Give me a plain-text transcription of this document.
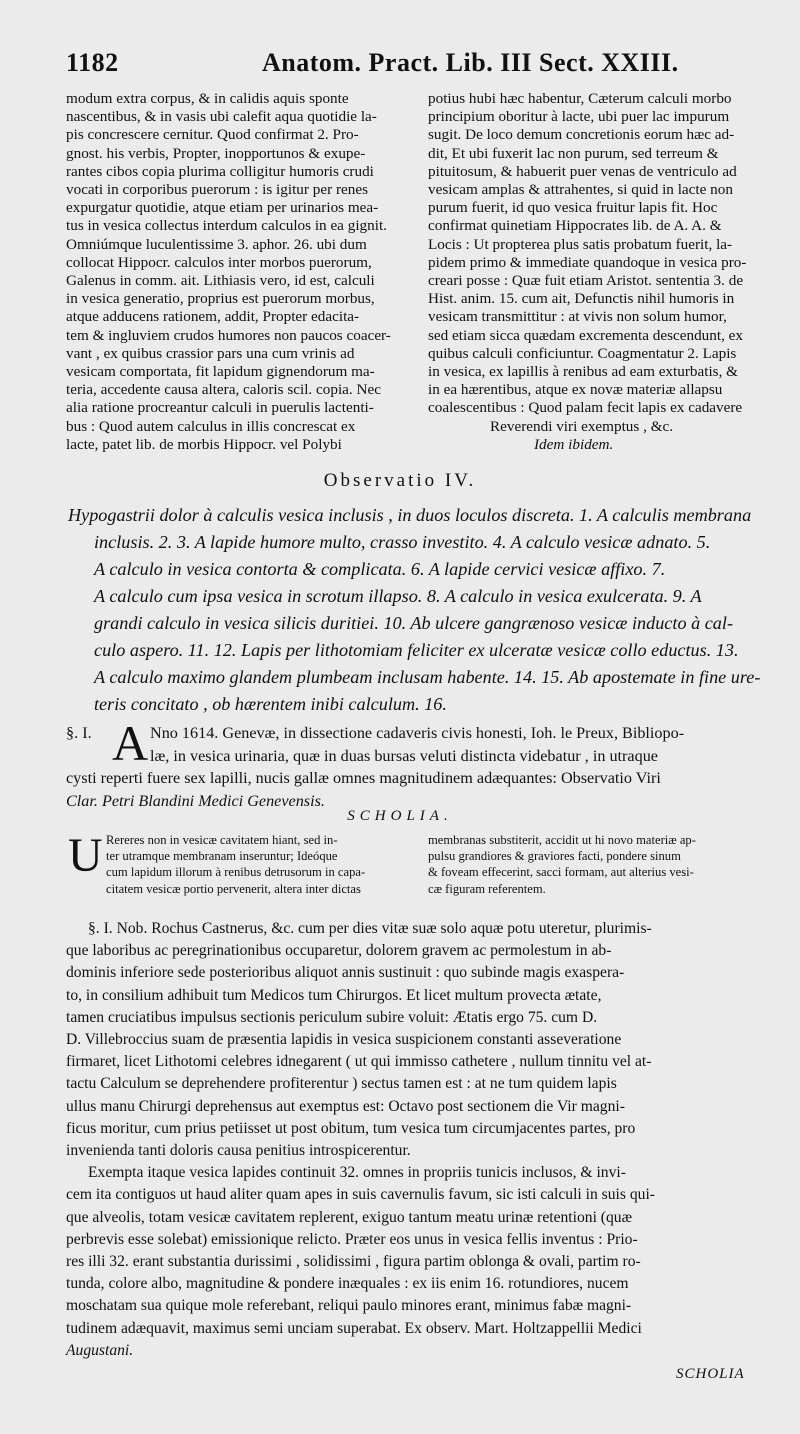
1182	Anatom. Pract. Lib. III Sect. XXIII.
modum extra corpus, & in calidis aquis sponte
nascentibus, & in vasis ubi calefit aqua quotidie la-
pis concrescere cernitur. Quod confirmat 2. Pro-
gnost. his verbis, Propter, inopportunos & exupe-
rantes cibos copia plurima colligitur humoris crudi
vocati in corporibus puerorum : is igitur per renes
expurgatur quotidie, atque etiam per urinarios mea-
tus in vesica collectus interdum calculos in ea gignit.
Omniúmque luculentissime 3. aphor. 26. ubi dum
collocat Hippocr. calculos inter morbos puerorum,
Galenus in comm. ait. Lithiasis vero, id est, calculi
in vesica generatio, proprius est puerorum morbus,
atque adducens rationem, addit, Propter edacita-
tem & ingluviem crudos humores non paucos coacer-
vant , ex quibus crassior pars una cum vrinis ad
vesicam comportata, fit lapidum gignendorum ma-
teria, accedente causa altera, caloris scil. copia. Nec
alia ratione procreantur calculi in puerulis lactenti-
bus : Quod autem calculus in illis concrescat ex
lacte, patet lib. de morbis Hippocr. vel Polybi
potius hubi hæc habentur, Cæterum calculi morbo
principium oboritur à lacte, ubi puer lac impurum
sugit. De loco demum concretionis eorum hæc ad-
dit, Et ubi fuxerit lac non purum, sed terreum &
pituitosum, & habuerit puer venas de ventriculo ad
vesicam amplas & attrahentes, si quid in lacte non
purum fuerit, id quo vesica fruitur lapis fit. Hoc
confirmat quinetiam Hippocrates lib. de A. A. &
Locis : Ut propterea plus satis probatum fuerit, la-
pidem primo & immediate quandoque in vesica pro-
creari posse : Quæ fuit etiam Aristot. sententia 3. de
Hist. anim. 15. cum ait, Defunctis nihil humoris in
vesicam transmittitur : at vivis non solum humor,
sed etiam sicca quædam excrementa descendunt, ex
quibus calculi conficiuntur. Coagmentatur 2. Lapis
in vesica, ex lapillis à renibus ad eam exturbatis, &
in ea hærentibus, atque ex novæ materiæ allapsu
coalescentibus : Quod palam fecit lapis ex cadavere
Reverendi viri exemptus , &c.
Idem ibidem.
Observatio IV.
Hypogastrii dolor à calculis vesica inclusis , in duos loculos discreta. 1. A calculis membrana
inclusis. 2. 3. A lapide humore multo, crasso investito. 4. A calculo vesicæ adnato. 5.
A calculo in vesica contorta & complicata. 6. A lapide cervici vesicæ affixo. 7.
A calculo cum ipsa vesica in scrotum illapso. 8. A calculo in vesica exulcerata. 9. A
grandi calculo in vesica silicis duritiei. 10. Ab ulcere gangrænoso vesicæ inducto à cal-
culo aspero. 11. 12. Lapis per lithotomiam feliciter ex ulceratæ vesicæ collo eductus. 13.
A calculo maximo glandem plumbeam inclusam habente. 14. 15. Ab apostemate in fine ure-
teris concitato , ob hærentem inibi calculum. 16.
§. I. A Nno 1614. Genevæ, in dissectione cadaveris civis honesti, Ioh. le Preux, Bibliopo-
læ, in vesica urinaria, quæ in duas bursas veluti distincta videbatur , in utraque
cysti reperti fuere sex lapilli, nucis gallæ omnes magnitudinem adæquantes: Observatio Viri
Clar. Petri Blandini Medici Genevensis.
SCHOLIA.
U Rereres non in vesicæ cavitatem hiant, sed in-
ter utramque membranam inseruntur; Ideóque
cum lapidum illorum à renibus detrusorum in capa-
citatem vesicæ portio pervenerit, altera inter dictas
membranas substiterit, accidit ut hi novo materiæ ap-
pulsu grandiores & graviores facti, pondere sinum
& foveam effecerint, sacci formam, aut alterius vesi-
cæ figuram referentem.
§. I. Nob. Rochus Castnerus, &c. cum per dies vitæ suæ solo aquæ potu uteretur, plurimis-
que laboribus ac peregrinationibus occuparetur, dolorem gravem ac permolestum in ab-
dominis inferiore sede posterioribus aliquot annis sustinuit : quo subinde magis exaspera-
to, in consilium adhibuit tum Medicos tum Chirurgos. Et licet multum provecta ætate,
tamen cruciatibus impulsus sectionis periculum subire voluit: Ætatis ergo 75. cum D.
D. Villebroccius suam de præsentia lapidis in vesica suspicionem constanti asseveratione
firmaret, licet Lithotomi celebres idnegarent ( ut qui immisso cathetere , nullum tinnitu vel at-
tactu Calculum se deprehendere profiterentur ) sectus tamen est : at ne tum quidem lapis
ullus manu Chirurgi deprehensus aut exemptus est: Octavo post sectionem die Vir magni-
ficus moritur, cum prius petiisset ut post obitum, tum vesica tum circumjacentes partes, pro
invenienda tanti doloris causa penitius introspicerentur.
Exempta itaque vesica lapides continuit 32. omnes in propriis tunicis inclusos, & invi-
cem ita contiguos ut haud aliter quam apes in suis cavernulis favum, sic isti calculi in suis qui-
que alveolis, totam vesicæ cavitatem replerent, exiguo tantum meatu urinæ retentioni (quæ
perbrevis esse solebat) emissionique relicto. Præter eos unus in vesica fellis inventus : Prio-
res illi 32. erant substantia durissimi , solidissimi , figura partim oblonga & ovali, partim ro-
tunda, colore albo, magnitudine & pondere inæquales : ex iis enim 16. rotundiores, nucem
moschatam sua quique mole referebant, reliqui paulo minores erant, minimus fabæ magni-
tudinem adæquavit, maximus semi unciam superabat. Ex observ. Mart. Holtzappellii Medici
Augustani.
SCHOLIA
